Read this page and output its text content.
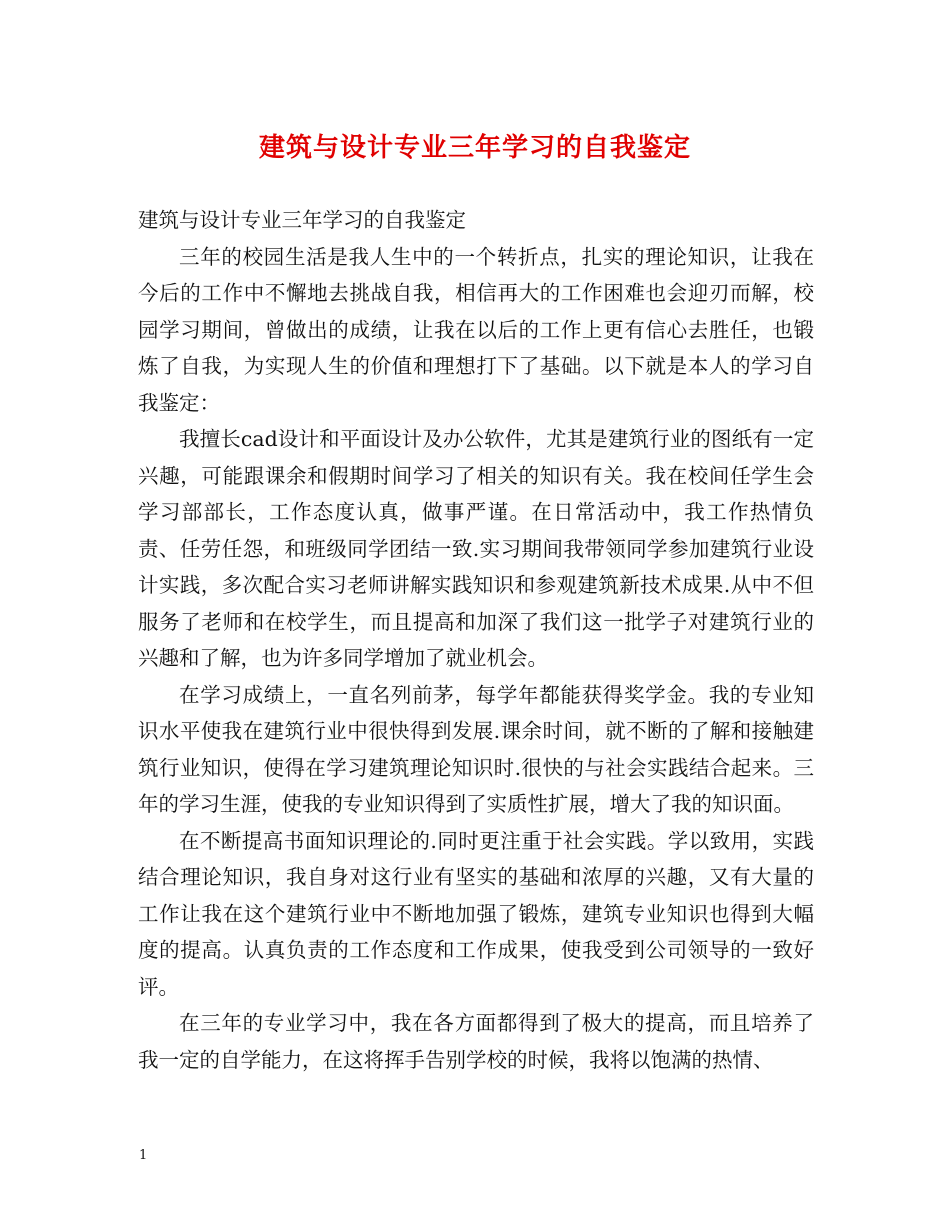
建筑与设计专业三年学习的自我鉴定

建筑与设计专业三年学习的自我鉴定

三年的校园生活是我人生中的一个转折点，扎实的理论知识，让我在今后的工作中不懈地去挑战自我，相信再大的工作困难也会迎刃而解，校园学习期间，曾做出的成绩，让我在以后的工作上更有信心去胜任，也锻炼了自我，为实现人生的价值和理想打下了基础。以下就是本人的学习自我鉴定：

我擅长cad设计和平面设计及办公软件，尤其是建筑行业的图纸有一定兴趣，可能跟课余和假期时间学习了相关的知识有关。我在校间任学生会学习部部长，工作态度认真，做事严谨。在日常活动中，我工作热情负责、任劳任怨，和班级同学团结一致.实习期间我带领同学参加建筑行业设计实践，多次配合实习老师讲解实践知识和参观建筑新技术成果.从中不但服务了老师和在校学生，而且提高和加深了我们这一批学子对建筑行业的兴趣和了解，也为许多同学增加了就业机会。

在学习成绩上，一直名列前茅，每学年都能获得奖学金。我的专业知识水平使我在建筑行业中很快得到发展.课余时间，就不断的了解和接触建筑行业知识，使得在学习建筑理论知识时.很快的与社会实践结合起来。三年的学习生涯，使我的专业知识得到了实质性扩展，增大了我的知识面。

在不断提高书面知识理论的.同时更注重于社会实践。学以致用，实践结合理论知识，我自身对这行业有坚实的基础和浓厚的兴趣，又有大量的工作让我在这个建筑行业中不断地加强了锻炼，建筑专业知识也得到大幅度的提高。认真负责的工作态度和工作成果，使我受到公司领导的一致好评。

在三年的专业学习中，我在各方面都得到了极大的提高，而且培养了我一定的自学能力，在这将挥手告别学校的时候，我将以饱满的热情、

1
